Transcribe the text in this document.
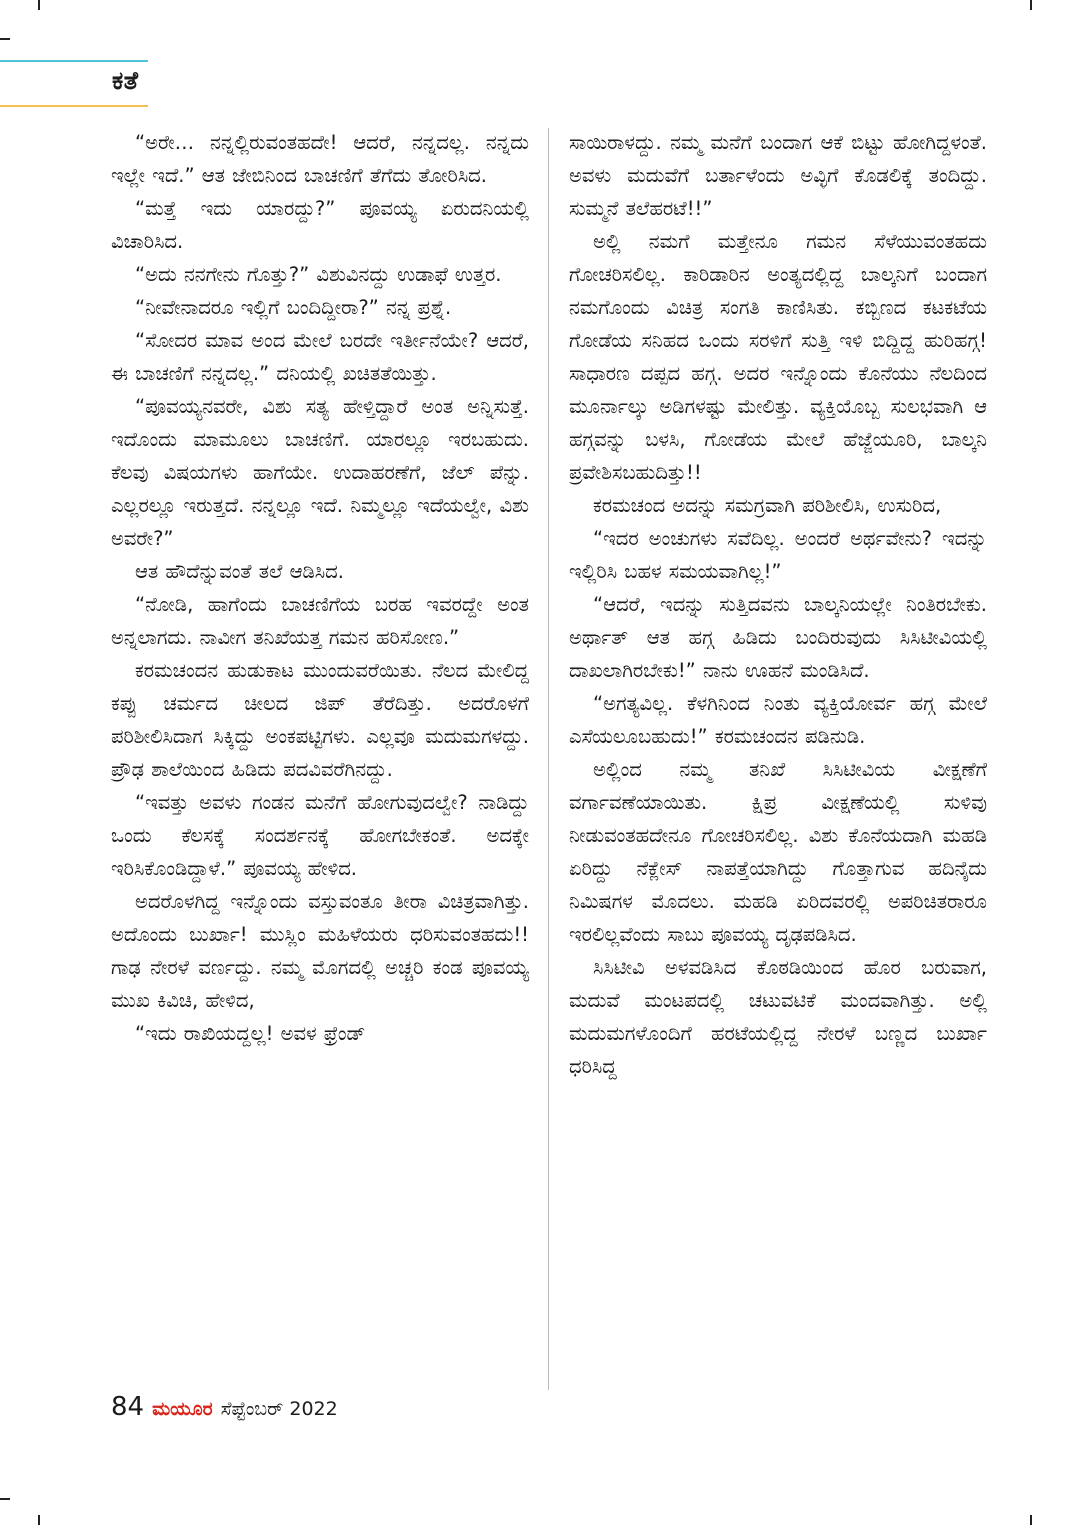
ಕತೆ

“ಅರೇ… ನನ್ನಲ್ಲಿರುವಂತಹದೇ! ಆದರೆ, ನನ್ನದಲ್ಲ. ನನ್ನದು ಇಲ್ಲೇ ಇದೆ.” ಆತ ಜೇಬಿನಿಂದ ಬಾಚಣಿಗೆ ತೆಗೆದು ತೋರಿಸಿದ.

“ಮತ್ತೆ ಇದು ಯಾರದ್ದು?” ಪೂವಯ್ಯ ಏರುದನಿಯಲ್ಲಿ ವಿಚಾರಿಸಿದ.

“ಅದು ನನಗೇನು ಗೊತ್ತು?” ವಿಶುವಿನದ್ದು ಉಡಾಫೆ ಉತ್ತರ.

“ನೀವೇನಾದರೂ ಇಲ್ಲಿಗೆ ಬಂದಿದ್ದೀರಾ?” ನನ್ನ ಪ್ರಶ್ನೆ.

“ಸೋದರ ಮಾವ ಅಂದ ಮೇಲೆ ಬರದೇ ಇರ್ತೀನೆಯೇ? ಆದರೆ, ಈ ಬಾಚಣಿಗೆ ನನ್ನದಲ್ಲ.” ದನಿಯಲ್ಲಿ ಖಚಿತತೆಯಿತ್ತು.

“ಪೂವಯ್ಯನವರೇ, ವಿಶು ಸತ್ಯ ಹೇಳ್ತಿದ್ದಾರೆ ಅಂತ ಅನ್ನಿಸುತ್ತೆ. ಇದೊಂದು ಮಾಮೂಲು ಬಾಚಣಿಗೆ. ಯಾರಲ್ಲೂ ಇರಬಹುದು. ಕೆಲವು ವಿಷಯಗಳು ಹಾಗೆಯೇ. ಉದಾಹರಣೆಗೆ, ಜೆಲ್ ಪೆನ್ನು. ಎಲ್ಲರಲ್ಲೂ ಇರುತ್ತದೆ. ನನ್ನಲ್ಲೂ ಇದೆ. ನಿಮ್ಮಲ್ಲೂ ಇದೆಯಲ್ವೇ, ವಿಶು ಅವರೇ?”

ಆತ ಹೌದೆನ್ನುವಂತೆ ತಲೆ ಆಡಿಸಿದ.

“ನೋಡಿ, ಹಾಗೆಂದು ಬಾಚಣಿಗೆಯ ಬರಹ ಇವರದ್ದೇ ಅಂತ ಅನ್ನಲಾಗದು. ನಾವೀಗ ತನಿಖೆಯತ್ತ ಗಮನ ಹರಿಸೋಣ.”

ಕರಮಚಂದನ ಹುಡುಕಾಟ ಮುಂದುವರೆಯಿತು. ನೆಲದ ಮೇಲಿದ್ದ ಕಪ್ಪು ಚರ್ಮದ ಚೀಲದ ಜಿಪ್ ತೆರೆದಿತ್ತು. ಅದರೊಳಗೆ ಪರಿಶೀಲಿಸಿದಾಗ ಸಿಕ್ಕಿದ್ದು ಅಂಕಪಟ್ಟಿಗಳು. ಎಲ್ಲವೂ ಮದುಮಗಳದ್ದು. ಪ್ರೌಢ ಶಾಲೆಯಿಂದ ಹಿಡಿದು ಪದವಿವರೆಗಿನದ್ದು.

“ಇವತ್ತು ಅವಳು ಗಂಡನ ಮನೆಗೆ ಹೋಗುವುದಲ್ವೇ? ನಾಡಿದ್ದು ಒಂದು ಕೆಲಸಕ್ಕೆ ಸಂದರ್ಶನಕ್ಕೆ ಹೋಗಬೇಕಂತೆ. ಅದಕ್ಕೇ ಇರಿಸಿಕೊಂಡಿದ್ದಾಳೆ.” ಪೂವಯ್ಯ ಹೇಳಿದ.

ಅದರೊಳಗಿದ್ದ ಇನ್ನೊಂದು ವಸ್ತುವಂತೂ ತೀರಾ ವಿಚಿತ್ರವಾಗಿತ್ತು. ಅದೊಂದು ಬುರ್ಖಾ! ಮುಸ್ಲಿಂ ಮಹಿಳೆಯರು ಧರಿಸುವಂತಹದು!! ಗಾಢ ನೇರಳೆ ವರ್ಣದ್ದು. ನಮ್ಮ ಮೊಗದಲ್ಲಿ ಅಚ್ಚರಿ ಕಂಡ ಪೂವಯ್ಯ ಮುಖ ಕಿವಿಚಿ, ಹೇಳಿದ,

“ಇದು ರಾಖಿಯದ್ದಲ್ಲ! ಅವಳ ಫ್ರೆಂಡ್

ಸಾಯಿರಾಳದ್ದು. ನಮ್ಮ ಮನೆಗೆ ಬಂದಾಗ ಆಕೆ ಬಿಟ್ಟು ಹೋಗಿದ್ದಳಂತೆ. ಅವಳು ಮದುವೆಗೆ ಬರ್ತಾಳೆಂದು ಅವ್ಳಿಗೆ ಕೊಡಲಿಕ್ಕೆ ತಂದಿದ್ದು. ಸುಮ್ಮನೆ ತಲೆಹರಟೆ!!”

ಅಲ್ಲಿ ನಮಗೆ ಮತ್ತೇನೂ ಗಮನ ಸೆಳೆಯುವಂತಹದು ಗೋಚರಿಸಲಿಲ್ಲ. ಕಾರಿಡಾರಿನ ಅಂತ್ಯದಲ್ಲಿದ್ದ ಬಾಲ್ಕನಿಗೆ ಬಂದಾಗ ನಮಗೊಂದು ವಿಚಿತ್ರ ಸಂಗತಿ ಕಾಣಿಸಿತು. ಕಬ್ಬಿಣದ ಕಟಕಟೆಯ ಗೋಡೆಯ ಸನಿಹದ ಒಂದು ಸರಳಿಗೆ ಸುತ್ತಿ ಇಳಿ ಬಿದ್ದಿದ್ದ ಹುರಿಹಗ್ಗ! ಸಾಧಾರಣ ದಪ್ಪದ ಹಗ್ಗ. ಅದರ ಇನ್ನೊಂದು ಕೊನೆಯು ನೆಲದಿಂದ ಮೂರ್ನಾಲ್ಕು ಅಡಿಗಳಷ್ಟು ಮೇಲಿತ್ತು. ವ್ಯಕ್ತಿಯೊಬ್ಬ ಸುಲಭವಾಗಿ ಆ ಹಗ್ಗವನ್ನು ಬಳಸಿ, ಗೋಡೆಯ ಮೇಲೆ ಹೆಜ್ಜೆಯೂರಿ, ಬಾಲ್ಕನಿ ಪ್ರವೇಶಿಸಬಹುದಿತ್ತು!!

ಕರಮಚಂದ ಅದನ್ನು ಸಮಗ್ರವಾಗಿ ಪರಿಶೀಲಿಸಿ, ಉಸುರಿದ,

“ಇದರ ಅಂಚುಗಳು ಸವೆದಿಲ್ಲ. ಅಂದರೆ ಅರ್ಥವೇನು? ಇದನ್ನು ಇಲ್ಲಿರಿಸಿ ಬಹಳ ಸಮಯವಾಗಿಲ್ಲ!”

“ಆದರೆ, ಇದನ್ನು ಸುತ್ತಿದವನು ಬಾಲ್ಕನಿಯಲ್ಲೇ ನಿಂತಿರಬೇಕು. ಅರ್ಥಾತ್ ಆತ ಹಗ್ಗ ಹಿಡಿದು ಬಂದಿರುವುದು ಸಿಸಿಟೀವಿಯಲ್ಲಿ ದಾಖಲಾಗಿರಬೇಕು!” ನಾನು ಊಹನೆ ಮಂಡಿಸಿದೆ.

“ಅಗತ್ಯವಿಲ್ಲ. ಕೆಳಗಿನಿಂದ ನಿಂತು ವ್ಯಕ್ತಿಯೋರ್ವ ಹಗ್ಗ ಮೇಲೆ ಎಸೆಯಲೂಬಹುದು!” ಕರಮಚಂದನ ಪಡಿನುಡಿ.

ಅಲ್ಲಿಂದ ನಮ್ಮ ತನಿಖೆ ಸಿಸಿಟೀವಿಯ ವೀಕ್ಷಣೆಗೆ ವರ್ಗಾವಣೆಯಾಯಿತು. ಕ್ಷಿಪ್ರ ವೀಕ್ಷಣೆಯಲ್ಲಿ ಸುಳಿವು ನೀಡುವಂತಹದೇನೂ ಗೋಚರಿಸಲಿಲ್ಲ. ವಿಶು ಕೊನೆಯದಾಗಿ ಮಹಡಿ ಏರಿದ್ದು ನೆಕ್ಲೇಸ್ ನಾಪತ್ತೆಯಾಗಿದ್ದು ಗೊತ್ತಾಗುವ ಹದಿನೈದು ನಿಮಿಷಗಳ ಮೊದಲು. ಮಹಡಿ ಏರಿದವರಲ್ಲಿ ಅಪರಿಚಿತರಾರೂ ಇರಲಿಲ್ಲವೆಂದು ಸಾಬು ಪೂವಯ್ಯ ದೃಢಪಡಿಸಿದ.

ಸಿಸಿಟೀವಿ ಅಳವಡಿಸಿದ ಕೊಠಡಿಯಿಂದ ಹೊರ ಬರುವಾಗ, ಮದುವೆ ಮಂಟಪದಲ್ಲಿ ಚಟುವಟಿಕೆ ಮಂದವಾಗಿತ್ತು. ಅಲ್ಲಿ ಮದುಮಗಳೊಂದಿಗೆ ಹರಟೆಯಲ್ಲಿದ್ದ ನೇರಳೆ ಬಣ್ಣದ ಬುರ್ಖಾ ಧರಿಸಿದ್ದ

84 ಮಯೂರ ಸೆಪ್ಟೆಂಬರ್ 2022
